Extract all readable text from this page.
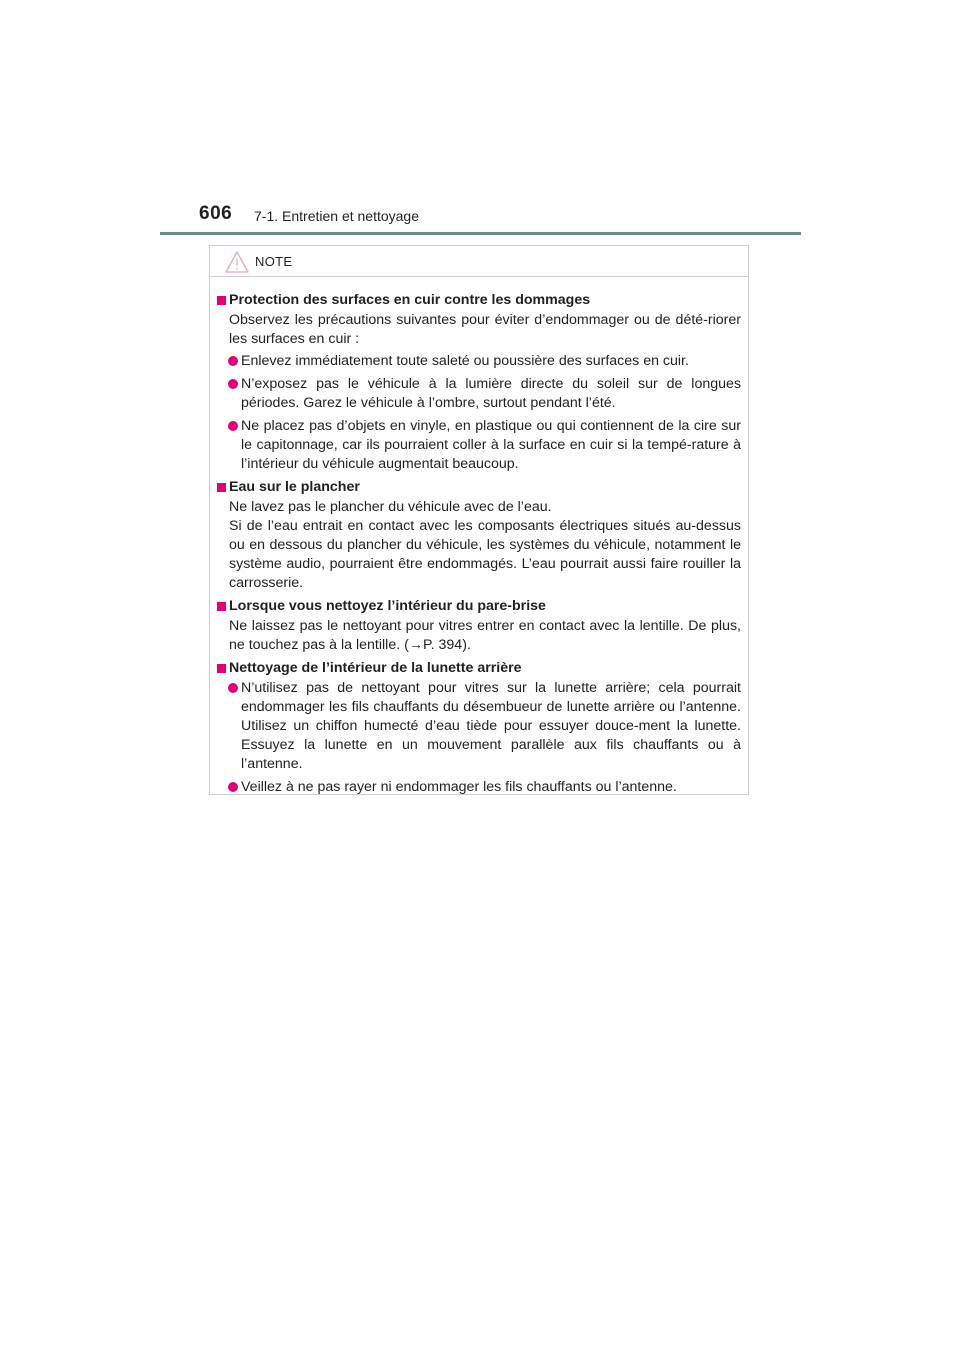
606 7-1. Entretien et nettoyage
NOTE
Protection des surfaces en cuir contre les dommages
Observez les précautions suivantes pour éviter d’endommager ou de dété-riorer les surfaces en cuir :
Enlevez immédiatement toute saleté ou poussière des surfaces en cuir.
N’exposez pas le véhicule à la lumière directe du soleil sur de longues périodes. Garez le véhicule à l’ombre, surtout pendant l’été.
Ne placez pas d’objets en vinyle, en plastique ou qui contiennent de la cire sur le capitonnage, car ils pourraient coller à la surface en cuir si la tempé-rature à l’intérieur du véhicule augmentait beaucoup.
Eau sur le plancher
Ne lavez pas le plancher du véhicule avec de l’eau.
Si de l’eau entrait en contact avec les composants électriques situés au-dessus ou en dessous du plancher du véhicule, les systèmes du véhicule, notamment le système audio, pourraient être endommagés. L’eau pourrait aussi faire rouiller la carrosserie.
Lorsque vous nettoyez l’intérieur du pare-brise
Ne laissez pas le nettoyant pour vitres entrer en contact avec la lentille. De plus, ne touchez pas à la lentille. (→P. 394).
Nettoyage de l’intérieur de la lunette arrière
N’utilisez pas de nettoyant pour vitres sur la lunette arrière; cela pourrait endommager les fils chauffants du désembueur de lunette arrière ou l’antenne. Utilisez un chiffon humecté d’eau tiède pour essuyer douce-ment la lunette. Essuyez la lunette en un mouvement parallèle aux fils chauffants ou à l’antenne.
Veillez à ne pas rayer ni endommager les fils chauffants ou l’antenne.
